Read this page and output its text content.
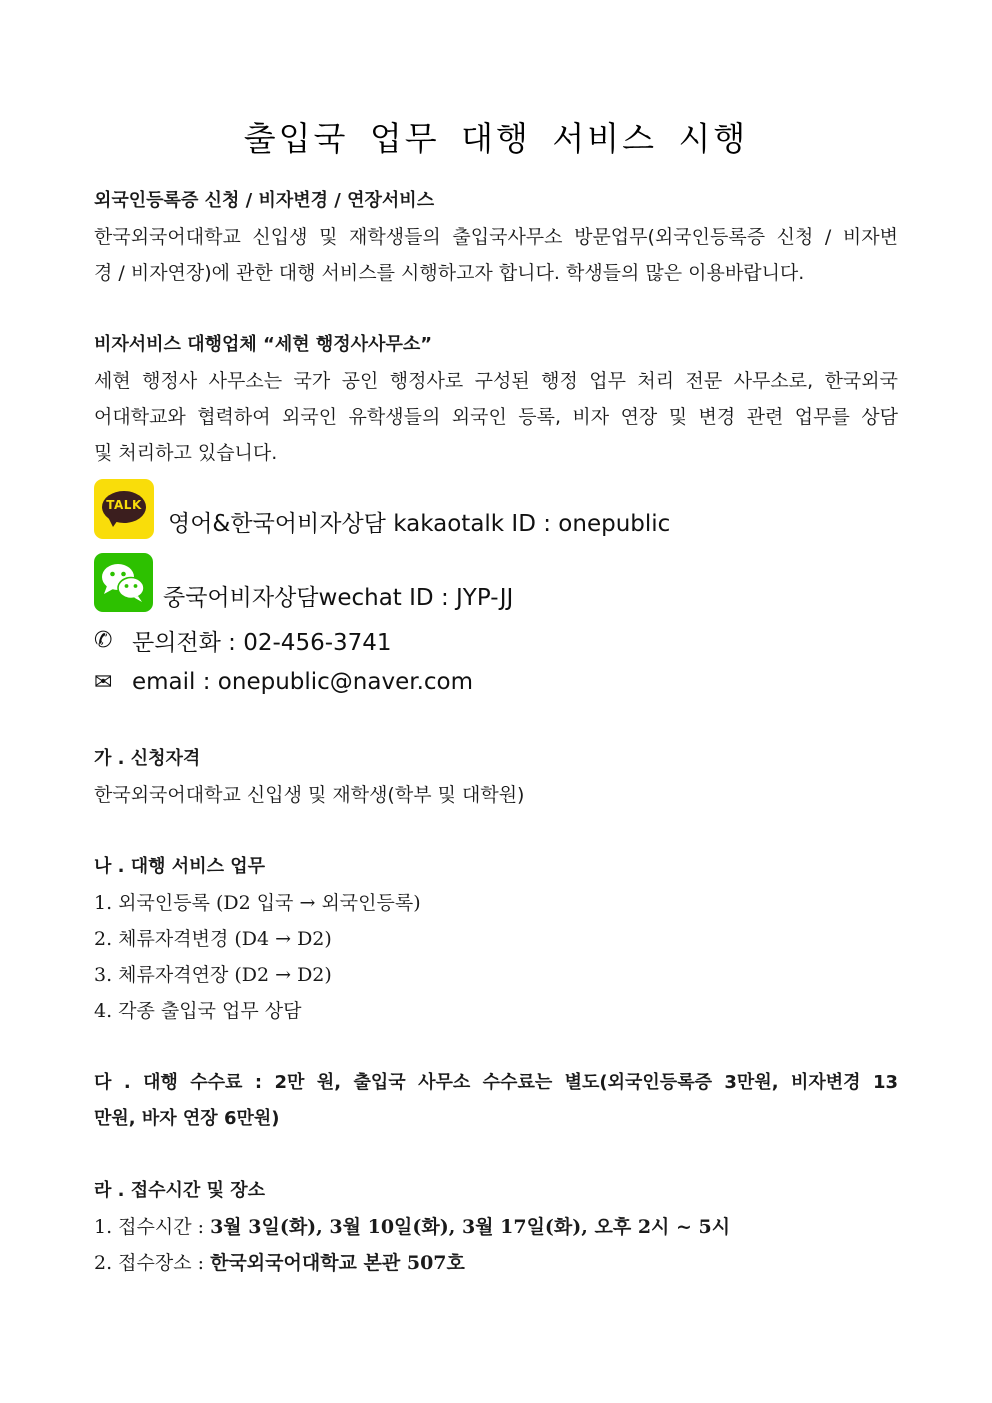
출입국 업무 대행 서비스 시행
외국인등록증 신청 / 비자변경 / 연장서비스
한국외국어대학교 신입생 및 재학생들의 출입국사무소 방문업무(외국인등록증 신청 / 비자변
경 / 비자연장)에 관한 대행 서비스를 시행하고자 합니다. 학생들의 많은 이용바랍니다.
비자서비스 대행업체 “세현 행정사사무소”
세현 행정사 사무소는 국가 공인 행정사로 구성된 행정 업무 처리 전문 사무소로, 한국외국
어대학교와 협력하여 외국인 유학생들의 외국인 등록, 비자 연장 및 변경 관련 업무를 상담
및 처리하고 있습니다.
TALK
영어&한국어비자상담 kakaotalk ID : onepublic
중국어비자상담wechat ID : JYP-JJ
✆ 문의전화 : 02-456-3741
✉ email : onepublic@naver.com
가 . 신청자격
한국외국어대학교 신입생 및 재학생(학부 및 대학원)
나 . 대행 서비스 업무
1. 외국인등록 (D2 입국 → 외국인등록)
2. 체류자격변경 (D4 → D2)
3. 체류자격연장 (D2 → D2)
4. 각종 출입국 업무 상담
다 . 대행 수수료 : 2만 원, 출입국 사무소 수수료는 별도(외국인등록증 3만원, 비자변경 13
만원, 바자 연장 6만원)
라 . 접수시간 및 장소
1. 접수시간 : 3월 3일(화), 3월 10일(화), 3월 17일(화), 오후 2시 ~ 5시
2. 접수장소 : 한국외국어대학교 본관 507호
